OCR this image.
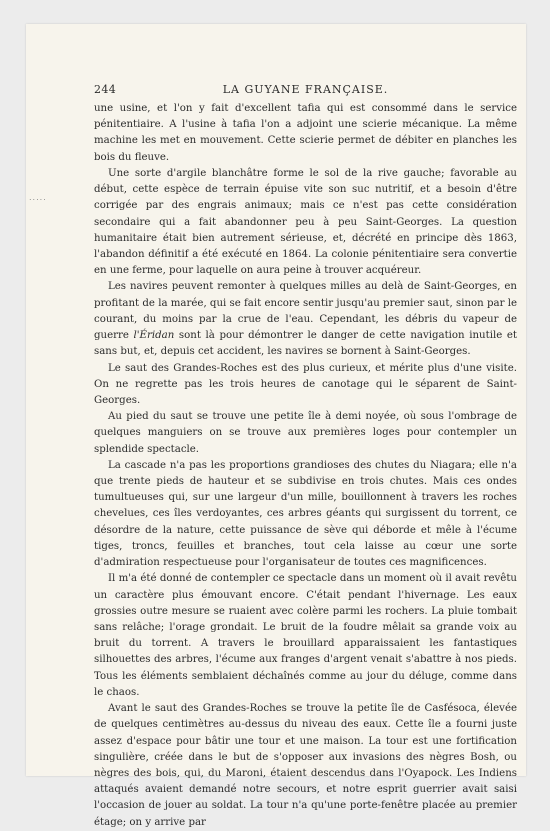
.....
244	LA GUYANE FRANÇAISE.

une usine, et l'on y fait d'excellent tafia qui est consommé dans le service pénitentiaire. A l'usine à tafia l'on a adjoint une scierie mécanique. La même machine les met en mouvement. Cette scierie permet de débiter en planches les bois du fleuve.

Une sorte d'argile blanchâtre forme le sol de la rive gauche; favorable au début, cette espèce de terrain épuise vite son suc nutritif, et a besoin d'être corrigée par des engrais animaux; mais ce n'est pas cette considération secondaire qui a fait abandonner peu à peu Saint-Georges. La question humanitaire était bien autrement sérieuse, et, décrété en principe dès 1863, l'abandon définitif a été exécuté en 1864. La colonie pénitentiaire sera convertie en une ferme, pour laquelle on aura peine à trouver acquéreur.

Les navires peuvent remonter à quelques milles au delà de Saint-Georges, en profitant de la marée, qui se fait encore sentir jusqu'au premier saut, sinon par le courant, du moins par la crue de l'eau. Cependant, les débris du vapeur de guerre l'Éridan sont là pour démontrer le danger de cette navigation inutile et sans but, et, depuis cet accident, les navires se bornent à Saint-Georges.

Le saut des Grandes-Roches est des plus curieux, et mérite plus d'une visite. On ne regrette pas les trois heures de canotage qui le séparent de Saint-Georges.

Au pied du saut se trouve une petite île à demi noyée, où sous l'ombrage de quelques manguiers on se trouve aux premières loges pour contempler un splendide spectacle.

La cascade n'a pas les proportions grandioses des chutes du Niagara; elle n'a que trente pieds de hauteur et se subdivise en trois chutes. Mais ces ondes tumultueuses qui, sur une largeur d'un mille, bouillonnent à travers les roches chevelues, ces îles verdoyantes, ces arbres géants qui surgissent du torrent, ce désordre de la nature, cette puissance de sève qui déborde et mêle à l'écume tiges, troncs, feuilles et branches, tout cela laisse au cœur une sorte d'admiration respectueuse pour l'organisateur de toutes ces magnificences.

Il m'a été donné de contempler ce spectacle dans un moment où il avait revêtu un caractère plus émouvant encore. C'était pendant l'hivernage. Les eaux grossies outre mesure se ruaient avec colère parmi les rochers. La pluie tombait sans relâche; l'orage grondait. Le bruit de la foudre mêlait sa grande voix au bruit du torrent. A travers le brouillard apparaissaient les fantastiques silhouettes des arbres, l'écume aux franges d'argent venait s'abattre à nos pieds. Tous les éléments semblaient déchaînés comme au jour du déluge, comme dans le chaos.

Avant le saut des Grandes-Roches se trouve la petite île de Casfésoca, élevée de quelques centimètres au-dessus du niveau des eaux. Cette île a fourni juste assez d'espace pour bâtir une tour et une maison. La tour est une fortification singulière, créée dans le but de s'opposer aux invasions des nègres Bosh, ou nègres des bois, qui, du Maroni, étaient descendus dans l'Oyapock. Les Indiens attaqués avaient demandé notre secours, et notre esprit guerrier avait saisi l'occasion de jouer au soldat. La tour n'a qu'une porte-fenêtre placée au premier étage; on y arrive par
